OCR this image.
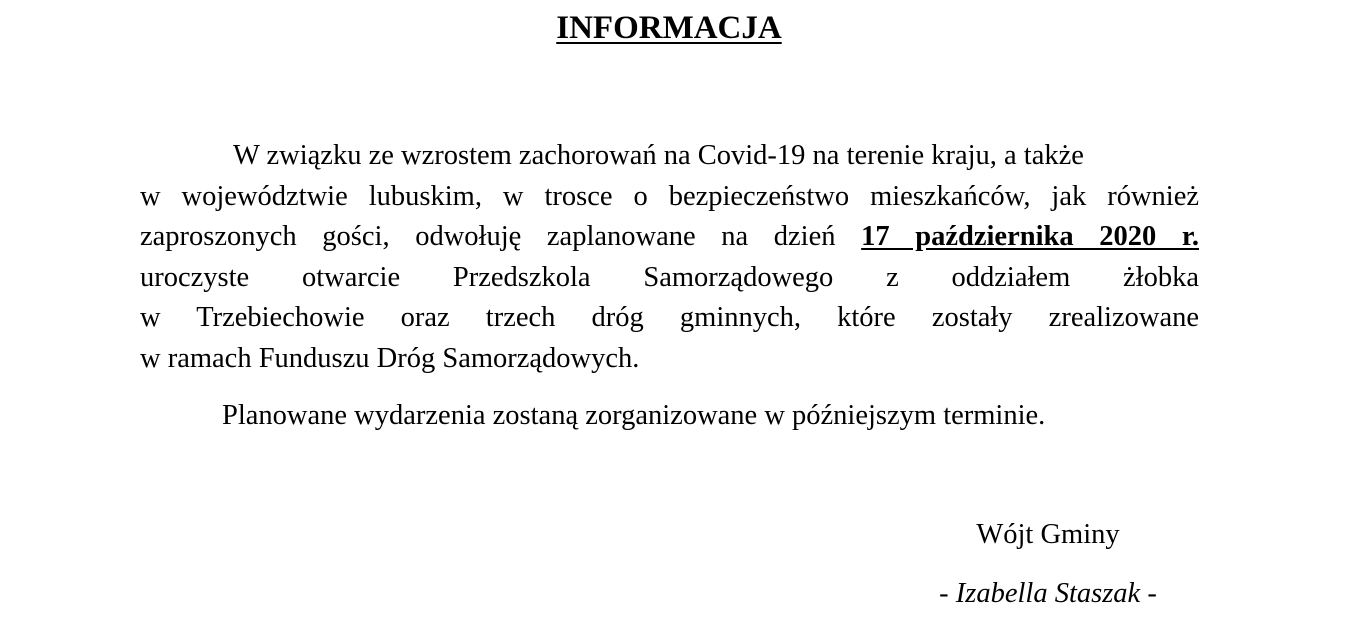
INFORMACJA
W związku ze wzrostem zachorowań na Covid-19 na terenie kraju, a także
w województwie lubuskim, w trosce o bezpieczeństwo mieszkańców, jak również
zaproszonych gości, odwołuję zaplanowane na dzień 17 października 2020 r.
uroczyste otwarcie Przedszkola Samorządowego z oddziałem żłobka
w Trzebiechowie oraz trzech dróg gminnych, które zostały zrealizowane
w ramach Funduszu Dróg Samorządowych.
Planowane wydarzenia zostaną zorganizowane w późniejszym terminie.
Wójt Gminy
- Izabella Staszak -
